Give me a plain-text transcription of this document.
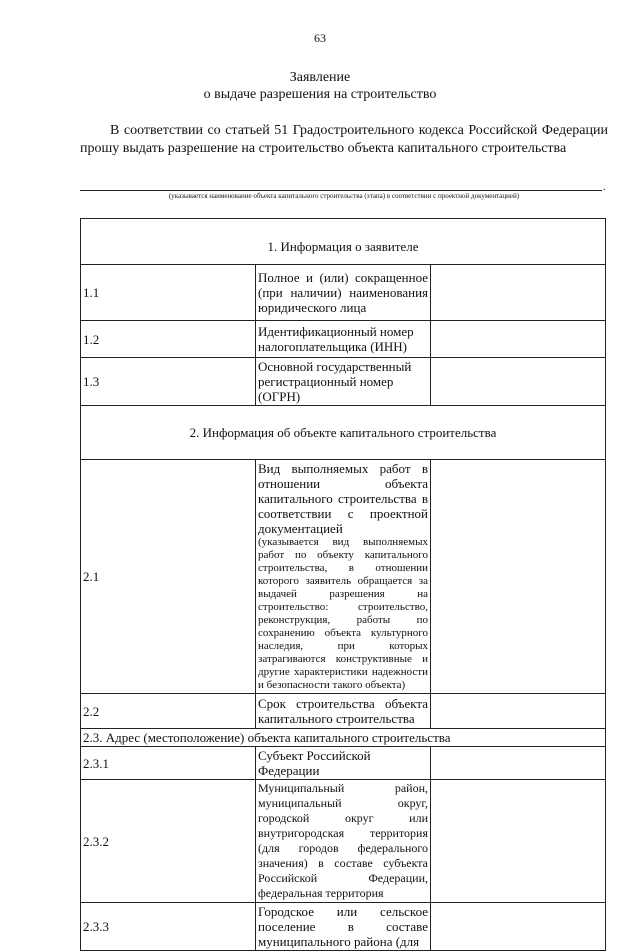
63
Заявление
о выдаче разрешения на строительство
В соответствии со статьей 51 Градостроительного кодекса Российской Федерации прошу выдать разрешение на строительство объекта капитального строительства
.
(указывается наименование объекта капитального строительства (этапа) в соответствии с проектной документацией)
1. Информация о заявителе		
1.1	Полное и (или) сокращенное (при наличии) наименования юридического лица	
1.2	Идентификационный номер налогоплательщика (ИНН)	
1.3	Основной государственный регистрационный номер (ОГРН)	
2. Информация об объекте капитального строительства		
2.1	Вид выполняемых работ в отношении объекта капитального строительства в соответствии с проектной документацией
(указывается вид выполняемых работ по объекту капитального строительства, в отношении которого заявитель обращается за выдачей разрешения на строительство: строительство, реконструкция, работы по сохранению объекта культурного наследия, при которых затрагиваются конструктивные и другие характеристики надежности и безопасности такого объекта)	

2.2	Срок строительства объекта капитального строительства	
2.3. Адрес (местоположение) объекта капитального строительства		
2.3.1	Субъект Российской Федерации	
2.3.2	Муниципальный район, муниципальный округ, городской округ или внутригородская территория (для городов федерального значения) в составе субъекта Российской Федерации, федеральная территория	
2.3.3	Городское или сельское поселение в составе муниципального района (для	
